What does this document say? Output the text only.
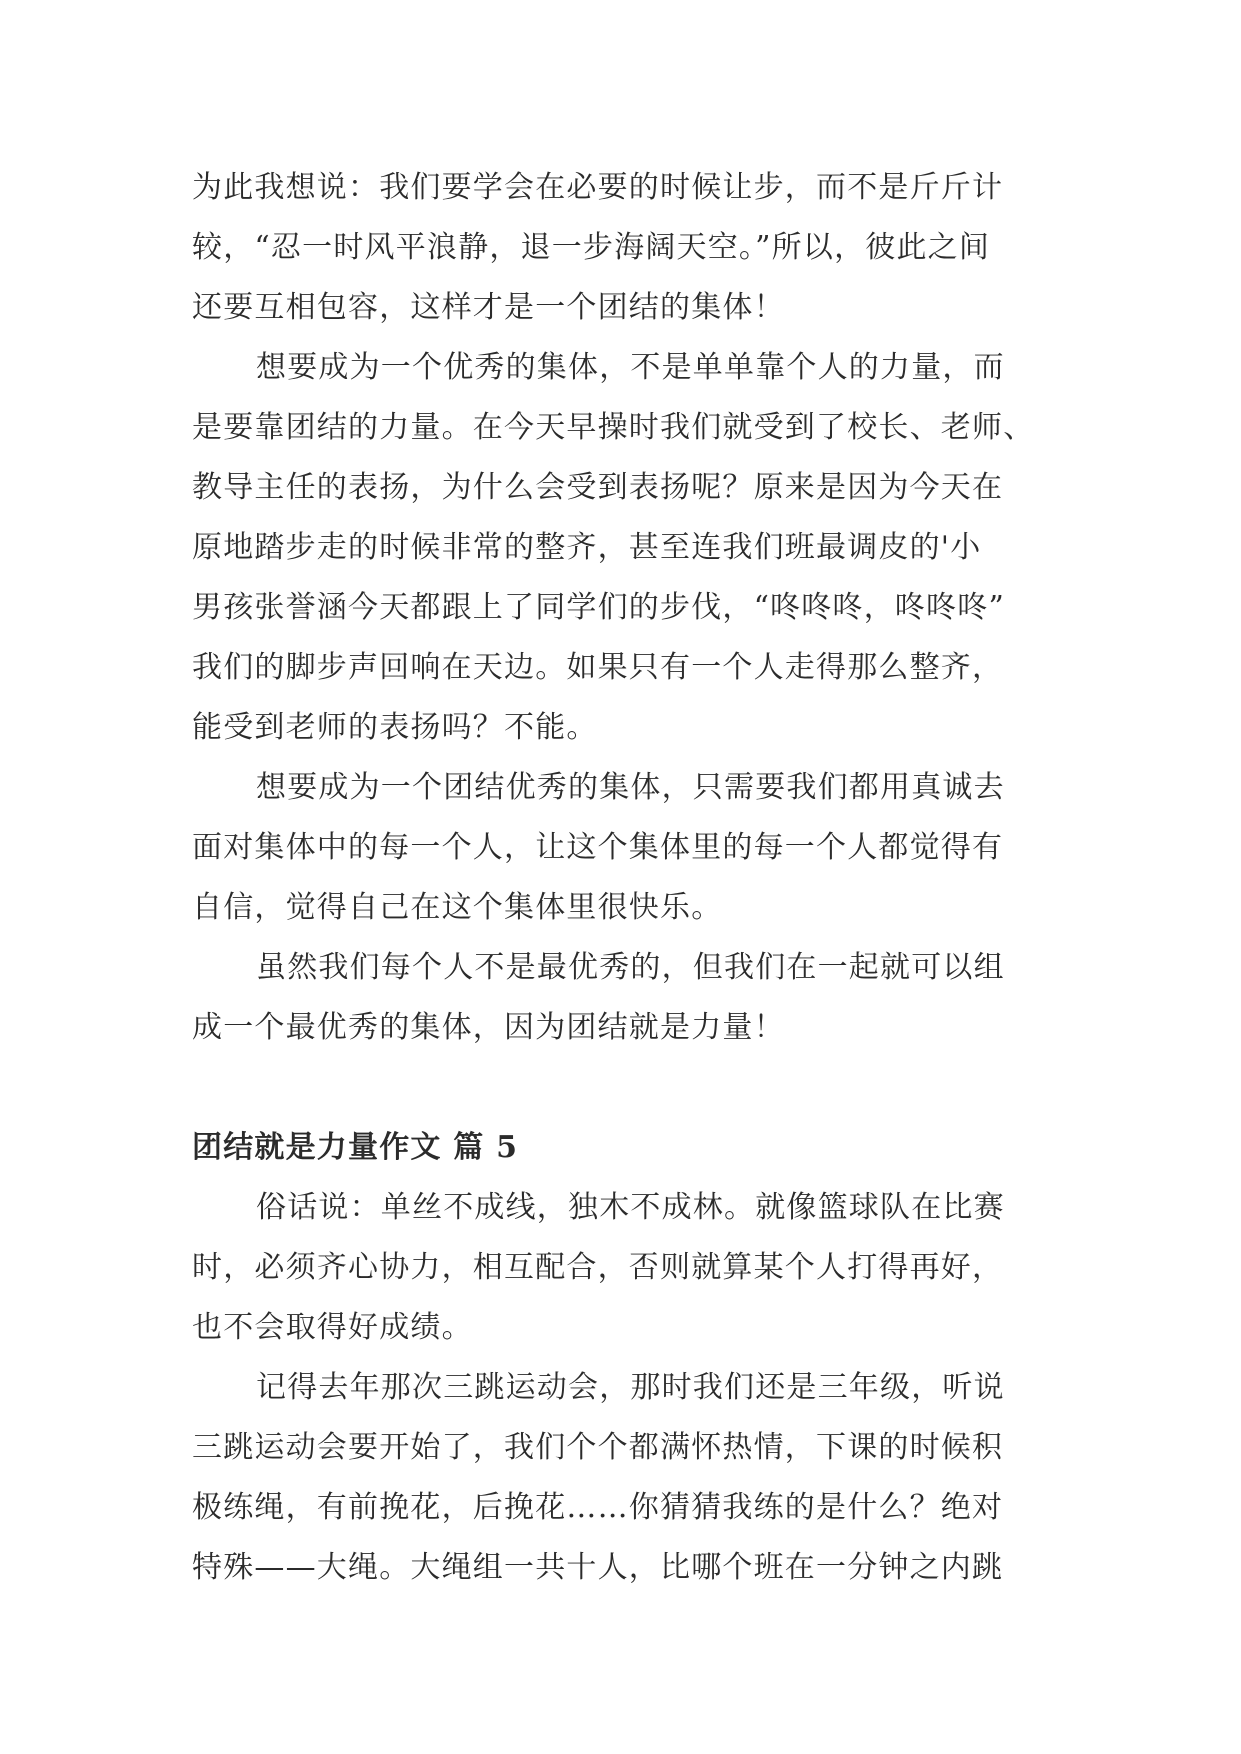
为此我想说：我们要学会在必要的时候让步，而不是斤斤计
较，“忍一时风平浪静，退一步海阔天空。”所以，彼此之间
还要互相包容，这样才是一个团结的集体！

想要成为一个优秀的集体，不是单单靠个人的力量，而
是要靠团结的力量。在今天早操时我们就受到了校长、老师、
教导主任的表扬，为什么会受到表扬呢？原来是因为今天在
原地踏步走的时候非常的整齐，甚至连我们班最调皮的'小
男孩张誉涵今天都跟上了同学们的步伐，“咚咚咚，咚咚咚”
我们的脚步声回响在天边。如果只有一个人走得那么整齐，
能受到老师的表扬吗？不能。

想要成为一个团结优秀的集体，只需要我们都用真诚去
面对集体中的每一个人，让这个集体里的每一个人都觉得有
自信，觉得自己在这个集体里很快乐。

虽然我们每个人不是最优秀的，但我们在一起就可以组
成一个最优秀的集体，因为团结就是力量！

团结就是力量作文 篇 5

俗话说：单丝不成线，独木不成林。就像篮球队在比赛
时，必须齐心协力，相互配合，否则就算某个人打得再好，
也不会取得好成绩。

记得去年那次三跳运动会，那时我们还是三年级，听说
三跳运动会要开始了，我们个个都满怀热情，下课的时候积
极练绳，有前挽花，后挽花……你猜猜我练的是什么？绝对
特殊——大绳。大绳组一共十人，比哪个班在一分钟之内跳
